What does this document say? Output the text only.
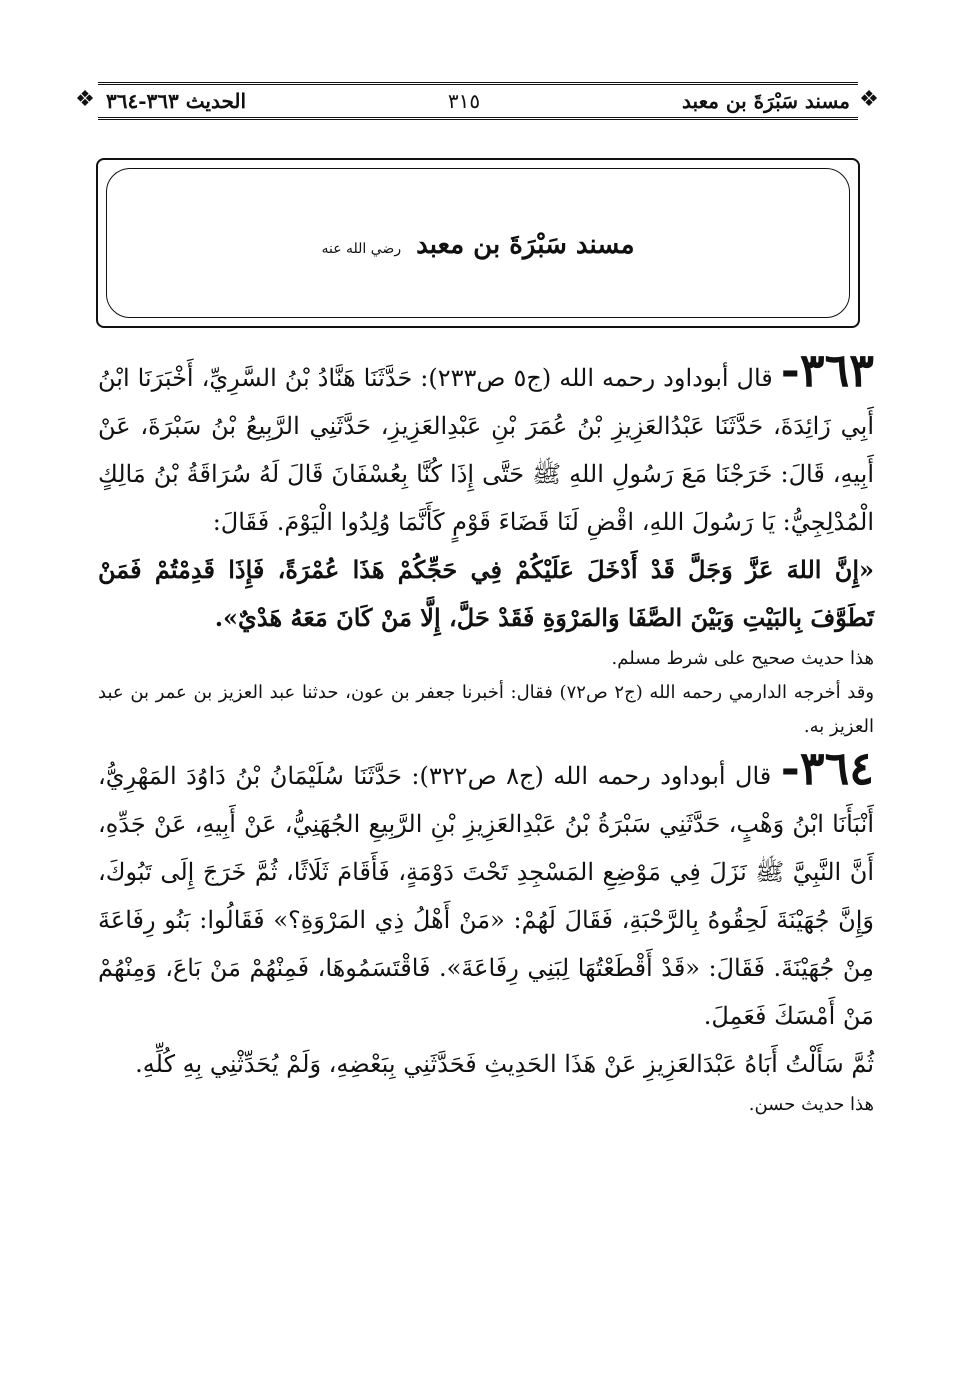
❖	❖
مسند سَبْرَةَ بن معبد
٣١٥
الحديث ٣٦٣-٣٦٤
مسند سَبْرَةَ بن معبد رضي الله عنه

٣٦٣- قال أبوداود رحمه الله (ج٥ ص٢٣٣): حَدَّثَنَا هَنَّادُ بْنُ السَّرِيِّ، أَخْبَرَنَا ابْنُ أَبِي زَائِدَةَ، حَدَّثَنَا عَبْدُالعَزِيزِ بْنُ عُمَرَ بْنِ عَبْدِالعَزِيزِ، حَدَّثَنِي الرَّبِيعُ بْنُ سَبْرَةَ، عَنْ أَبِيهِ، قَالَ: خَرَجْنَا مَعَ رَسُولِ اللهِ ﷺ حَتَّى إِذَا كُنَّا بِعُسْفَانَ قَالَ لَهُ سُرَاقَةُ بْنُ مَالِكٍ الْمُدْلِجِيُّ: يَا رَسُولَ اللهِ، اقْضِ لَنَا قَضَاءَ قَوْمٍ كَأَنَّمَا وُلِدُوا الْيَوْمَ. فَقَالَ:

«إِنَّ اللهَ عَزَّ وَجَلَّ قَدْ أَدْخَلَ عَلَيْكُمْ فِي حَجِّكُمْ هَذَا عُمْرَةً، فَإِذَا قَدِمْتُمْ فَمَنْ تَطَوَّفَ بِالبَيْتِ وَبَيْنَ الصَّفَا وَالمَرْوَةِ فَقَدْ حَلَّ، إِلَّا مَنْ كَانَ مَعَهُ هَدْيٌ».

هذا حديث صحيح على شرط مسلم.

وقد أخرجه الدارمي رحمه الله (ج٢ ص٧٢) فقال: أخبرنا جعفر بن عون، حدثنا عبد العزيز بن عمر بن عبد العزيز به.

٣٦٤- قال أبوداود رحمه الله (ج٨ ص٣٢٢): حَدَّثَنَا سُلَيْمَانُ بْنُ دَاوُدَ المَهْرِيُّ، أَنْبَأَنَا ابْنُ وَهْبٍ، حَدَّثَنِي سَبْرَةُ بْنُ عَبْدِالعَزِيزِ بْنِ الرَّبِيعِ الجُهَنِيُّ، عَنْ أَبِيهِ، عَنْ جَدِّهِ، أَنَّ النَّبِيَّ ﷺ نَزَلَ فِي مَوْضِعِ المَسْجِدِ تَحْتَ دَوْمَةٍ، فَأَقَامَ ثَلَاثًا، ثُمَّ خَرَجَ إِلَى تَبُوكَ، وَإِنَّ جُهَيْنَةَ لَحِقُوهُ بِالرَّحْبَةِ، فَقَالَ لَهُمْ: «مَنْ أَهْلُ ذِي المَرْوَةِ؟» فَقَالُوا: بَنُو رِفَاعَةَ مِنْ جُهَيْنَةَ. فَقَالَ: «قَدْ أَقْطَعْتُهَا لِبَنِي رِفَاعَةَ». فَاقْتَسَمُوهَا، فَمِنْهُمْ مَنْ بَاعَ، وَمِنْهُمْ مَنْ أَمْسَكَ فَعَمِلَ.

ثُمَّ سَأَلْتُ أَبَاهُ عَبْدَالعَزِيزِ عَنْ هَذَا الحَدِيثِ فَحَدَّثَنِي بِبَعْضِهِ، وَلَمْ يُحَدِّثْنِي بِهِ كُلِّهِ.

هذا حديث حسن.
